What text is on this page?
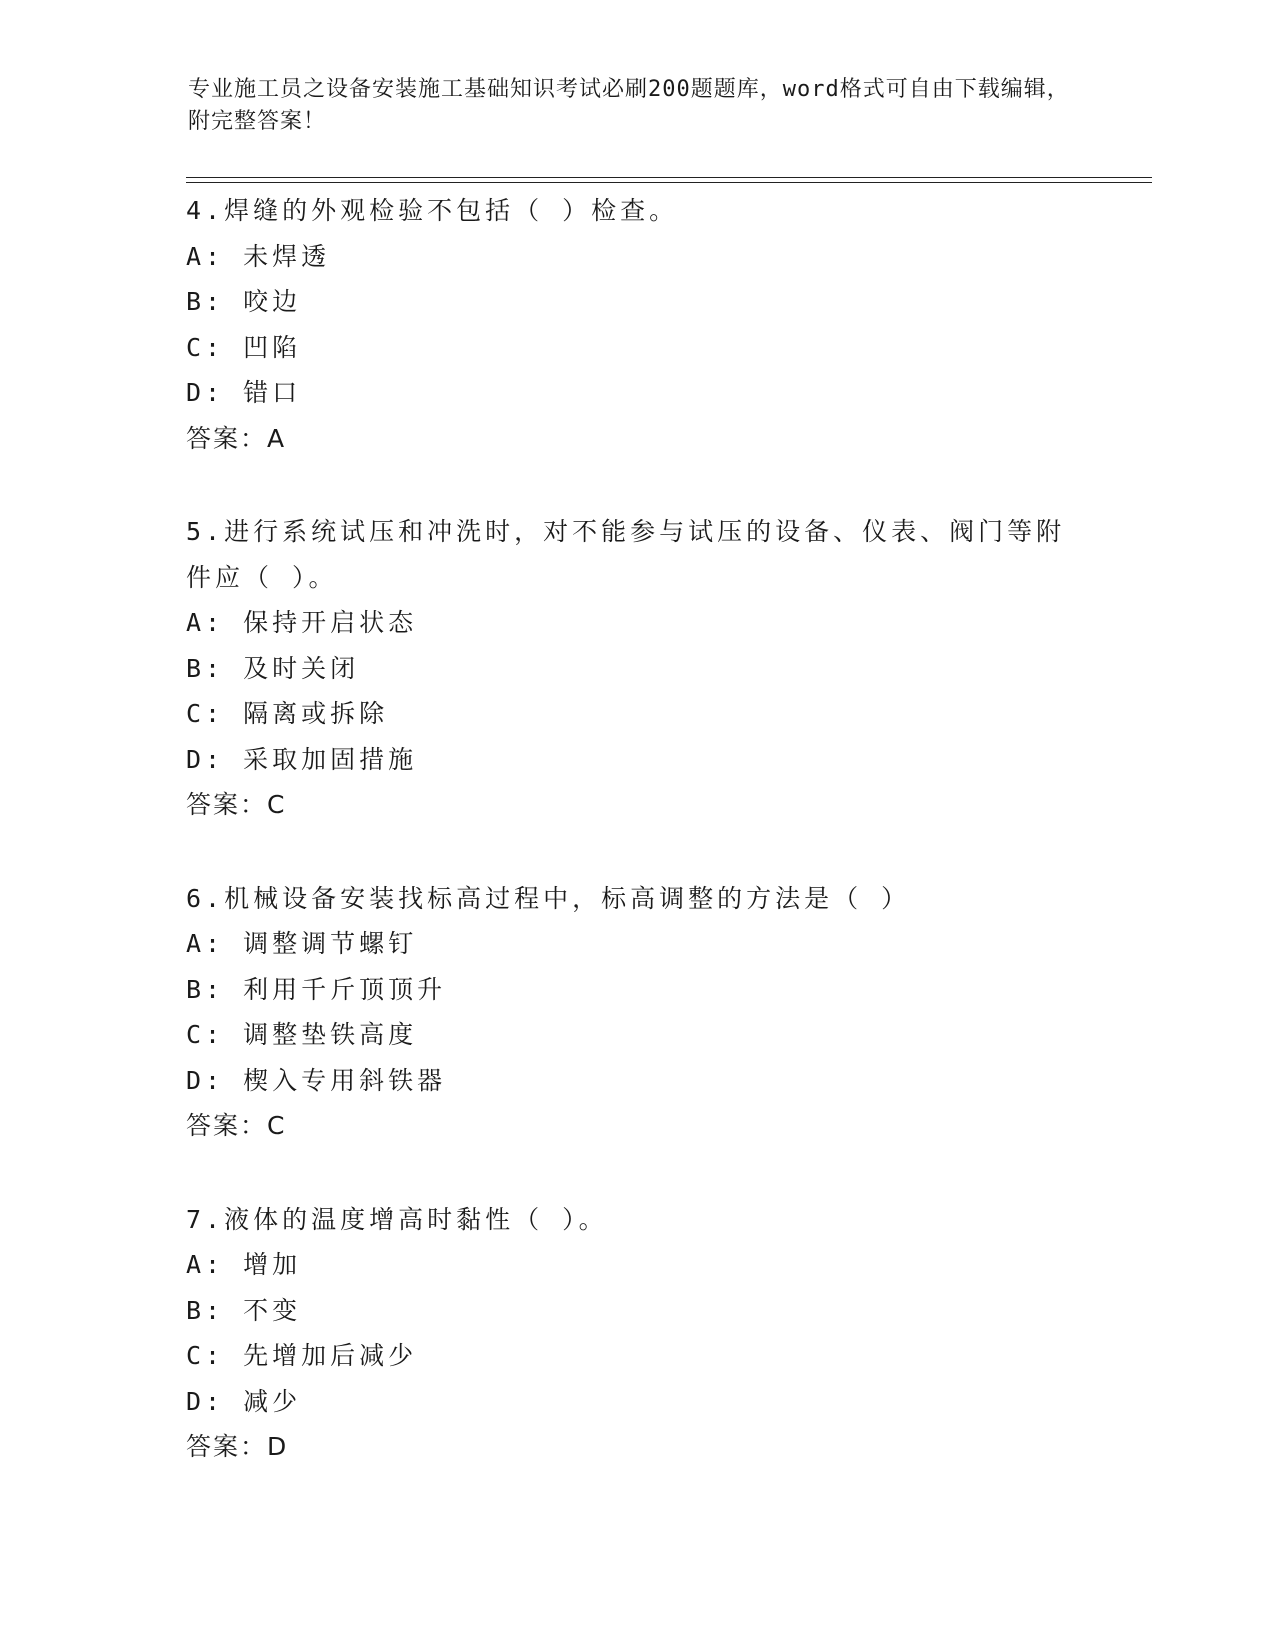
专业施工员之设备安装施工基础知识考试必刷200题题库，word格式可自由下载编辑，附完整答案！
4.焊缝的外观检验不包括（ ）检查。
A: 未焊透
B: 咬边
C: 凹陷
D: 错口
答案：A
5.进行系统试压和冲洗时，对不能参与试压的设备、仪表、阀门等附件应（ ）。
A: 保持开启状态
B: 及时关闭
C: 隔离或拆除
D: 采取加固措施
答案：C
6.机械设备安装找标高过程中，标高调整的方法是（ ）
A: 调整调节螺钉
B: 利用千斤顶顶升
C: 调整垫铁高度
D: 楔入专用斜铁器
答案：C
7.液体的温度增高时黏性（ ）。
A: 增加
B: 不变
C: 先增加后减少
D: 减少
答案：D
